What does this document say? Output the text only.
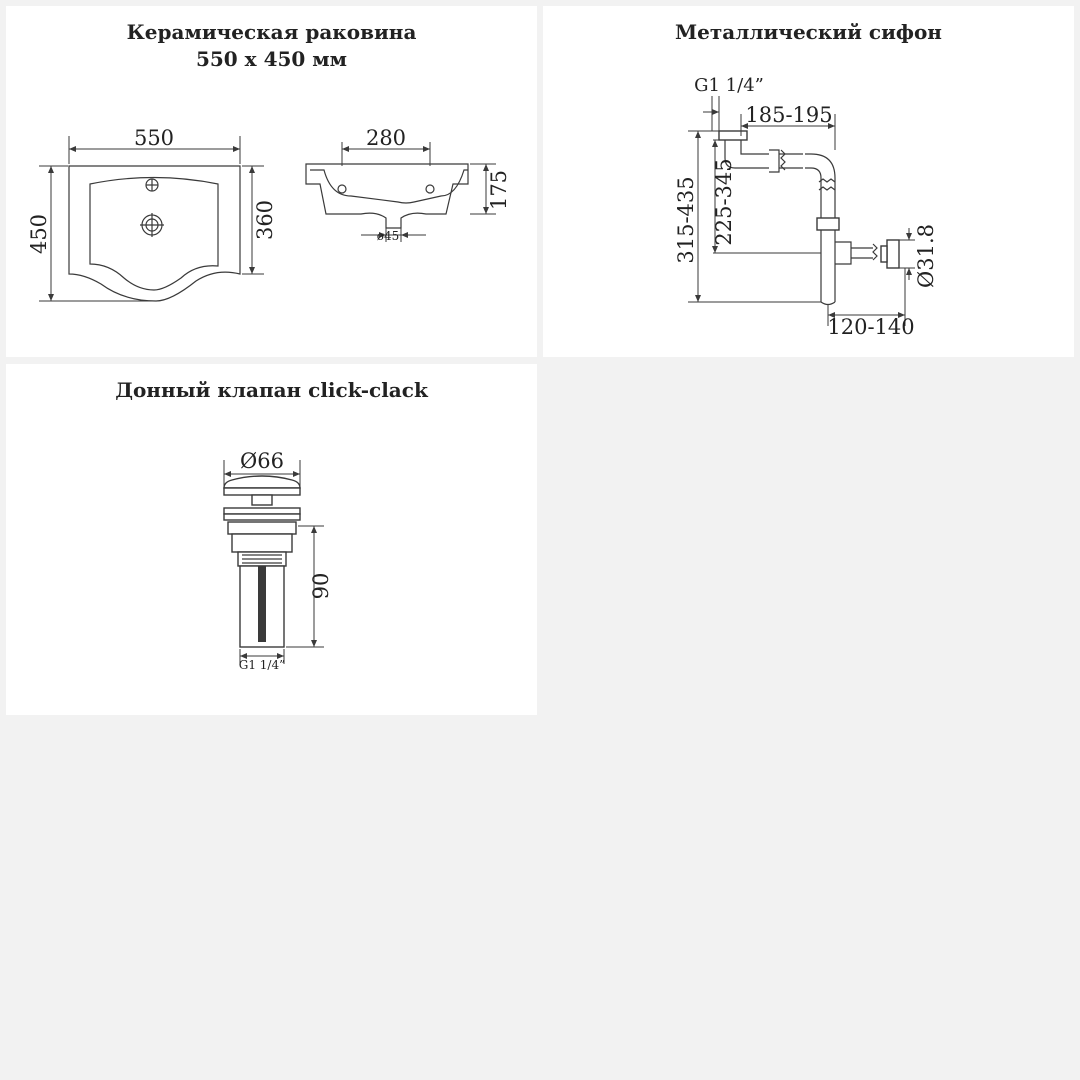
Керамическая раковина
550 x 450 мм
550
450	360
280
175
ø45
Металлический сифон
G1 1/4”
185-195
315-435 225-345
Ø31.8
120-140
Донный клапан click-clack
Ø66
90
G1 1/4”
